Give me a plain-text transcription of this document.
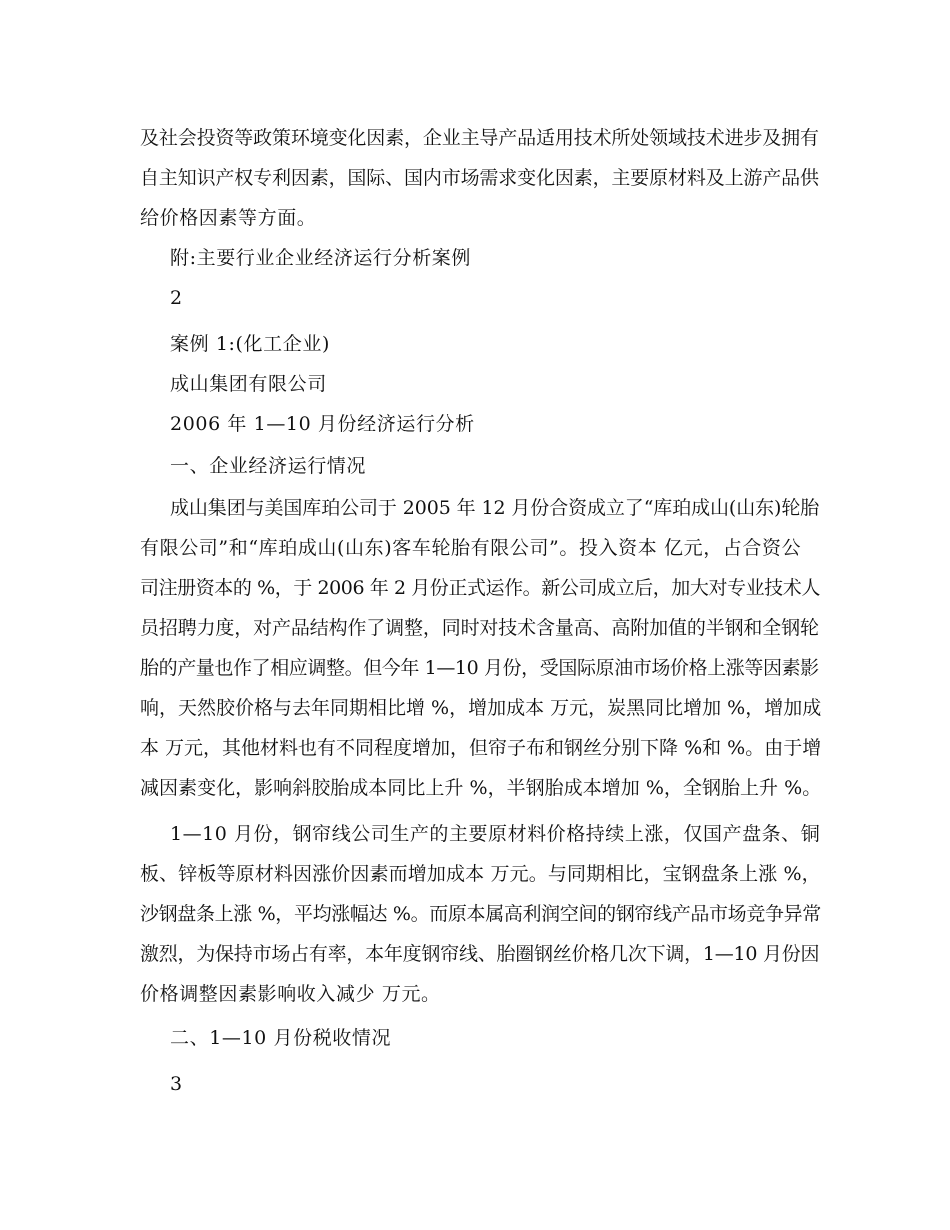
及社会投资等政策环境变化因素，企业主导产品适用技术所处领域技术进步及拥有
自主知识产权专利因素，国际、国内市场需求变化因素，主要原材料及上游产品供
给价格因素等方面。
附:主要行业企业经济运行分析案例
2
案例 1:(化工企业)
成山集团有限公司
2006 年 1—10 月份经济运行分析
一、企业经济运行情况
成山集团与美国库珀公司于 2005 年 12 月份合资成立了“库珀成山(山东)轮胎
有限公司”和“库珀成山(山东)客车轮胎有限公司”。投入资本 亿元，占合资公
司注册资本的 %，于 2006 年 2 月份正式运作。新公司成立后，加大对专业技术人
员招聘力度，对产品结构作了调整，同时对技术含量高、高附加值的半钢和全钢轮
胎的产量也作了相应调整。但今年 1—10 月份，受国际原油市场价格上涨等因素影
响，天然胶价格与去年同期相比增 %，增加成本 万元，炭黑同比增加 %，增加成
本 万元，其他材料也有不同程度增加，但帘子布和钢丝分别下降 %和 %。由于增
减因素变化，影响斜胶胎成本同比上升 %，半钢胎成本增加 %，全钢胎上升 %。
1—10 月份，钢帘线公司生产的主要原材料价格持续上涨，仅国产盘条、铜
板、锌板等原材料因涨价因素而增加成本 万元。与同期相比，宝钢盘条上涨 %，
沙钢盘条上涨 %，平均涨幅达 %。而原本属高利润空间的钢帘线产品市场竞争异常
激烈，为保持市场占有率，本年度钢帘线、胎圈钢丝价格几次下调，1—10 月份因
价格调整因素影响收入减少 万元。
二、1—10 月份税收情况
3
